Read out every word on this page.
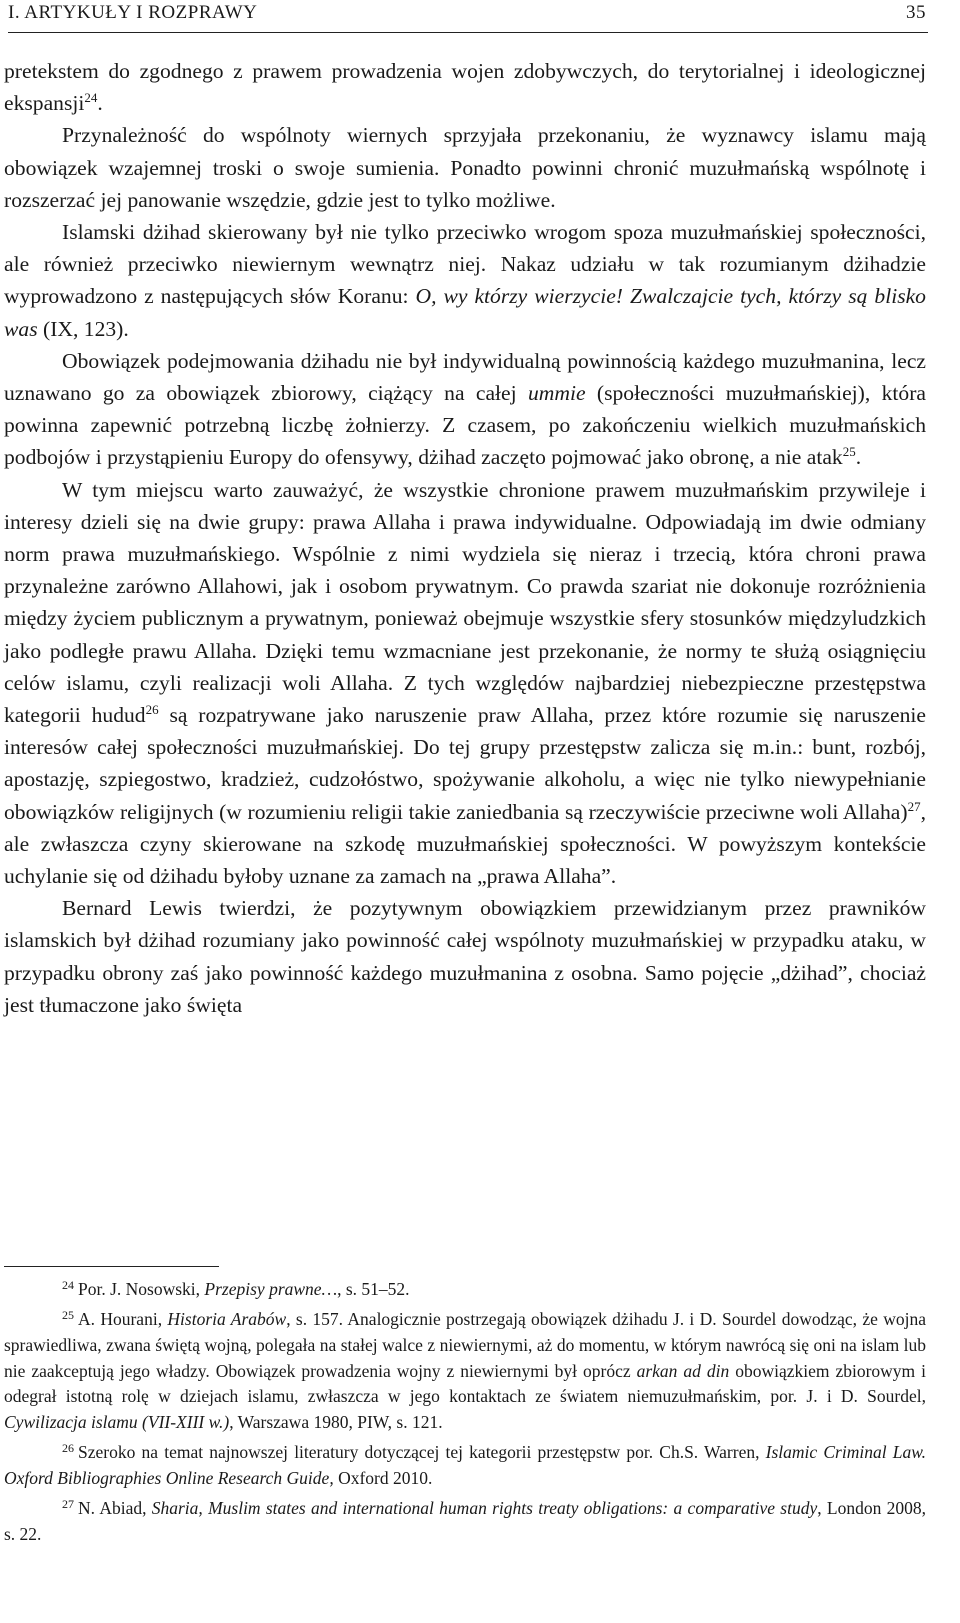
I. ARTYKUŁY I ROZPRAWY	35

pretekstem do zgodnego z prawem prowadzenia wojen zdobywczych, do terytorialnej i ideologicznej ekspansji$^{24}$.

Przynależność do wspólnoty wiernych sprzyjała przekonaniu, że wyznawcy islamu mają obowiązek wzajemnej troski o swoje sumienia. Ponadto powinni chronić muzułmańską wspólnotę i rozszerzać jej panowanie wszędzie, gdzie jest to tylko możliwe.

Islamski dżihad skierowany był nie tylko przeciwko wrogom spoza muzułmańskiej społeczności, ale również przeciwko niewiernym wewnątrz niej. Nakaz udziału w tak rozumianym dżihadzie wyprowadzono z następujących słów Koranu: O, wy którzy wierzycie! Zwalczajcie tych, którzy są blisko was (IX, 123).

Obowiązek podejmowania dżihadu nie był indywidualną powinnością każdego muzułmanina, lecz uznawano go za obowiązek zbiorowy, ciążący na całej ummie (społeczności muzułmańskiej), która powinna zapewnić potrzebną liczbę żołnierzy. Z czasem, po zakończeniu wielkich muzułmańskich podbojów i przystąpieniu Europy do ofensywy, dżihad zaczęto pojmować jako obronę, a nie atak$^{25}$.

W tym miejscu warto zauważyć, że wszystkie chronione prawem muzułmańskim przywileje i interesy dzieli się na dwie grupy: prawa Allaha i prawa indywidualne. Odpowiadają im dwie odmiany norm prawa muzułmańskiego. Wspólnie z nimi wydziela się nieraz i trzecią, która chroni prawa przynależne zarówno Allahowi, jak i osobom prywatnym. Co prawda szariat nie dokonuje rozróżnienia między życiem publicznym a prywatnym, ponieważ obejmuje wszystkie sfery stosunków międzyludzkich jako podległe prawu Allaha. Dzięki temu wzmacniane jest przekonanie, że normy te służą osiągnięciu celów islamu, czyli realizacji woli Allaha. Z tych względów najbardziej niebezpieczne przestępstwa kategorii hudud$^{26}$ są rozpatrywane jako naruszenie praw Allaha, przez które rozumie się naruszenie interesów całej społeczności muzułmańskiej. Do tej grupy przestępstw zalicza się m.in.: bunt, rozbój, apostazję, szpiegostwo, kradzież, cudzołóstwo, spożywanie alkoholu, a więc nie tylko niewypełnianie obowiązków religijnych (w rozumieniu religii takie zaniedbania są rzeczywiście przeciwne woli Allaha)$^{27}$, ale zwłaszcza czyny skierowane na szkodę muzułmańskiej społeczności. W powyższym kontekście uchylanie się od dżihadu byłoby uznane za zamach na „prawa Allaha”.

Bernard Lewis twierdzi, że pozytywnym obowiązkiem przewidzianym przez prawników islamskich był dżihad rozumiany jako powinność całej wspólnoty muzułmańskiej w przypadku ataku, w przypadku obrony zaś jako powinność każdego muzułmanina z osobna. Samo pojęcie „dżihad”, chociaż jest tłumaczone jako święta

$^{24}$ Por. J. Nosowski, Przepisy prawne…, s. 51–52.

$^{25}$ A. Hourani, Historia Arabów, s. 157. Analogicznie postrzegają obowiązek dżihadu J. i D. Sourdel dowodząc, że wojna sprawiedliwa, zwana świętą wojną, polegała na stałej walce z niewiernymi, aż do momentu, w którym nawrócą się oni na islam lub nie zaakceptują jego władzy. Obowiązek prowadzenia wojny z niewiernymi był oprócz arkan ad din obowiązkiem zbiorowym i odegrał istotną rolę w dziejach islamu, zwłaszcza w jego kontaktach ze światem niemuzułmańskim, por. J. i D. Sourdel, Cywilizacja islamu (VII-XIII w.), Warszawa 1980, PIW, s. 121.

$^{26}$ Szeroko na temat najnowszej literatury dotyczącej tej kategorii przestępstw por. Ch.S. Warren, Islamic Criminal Law. Oxford Bibliographies Online Research Guide, Oxford 2010.

$^{27}$ N. Abiad, Sharia, Muslim states and international human rights treaty obligations: a comparative study, London 2008, s. 22.
